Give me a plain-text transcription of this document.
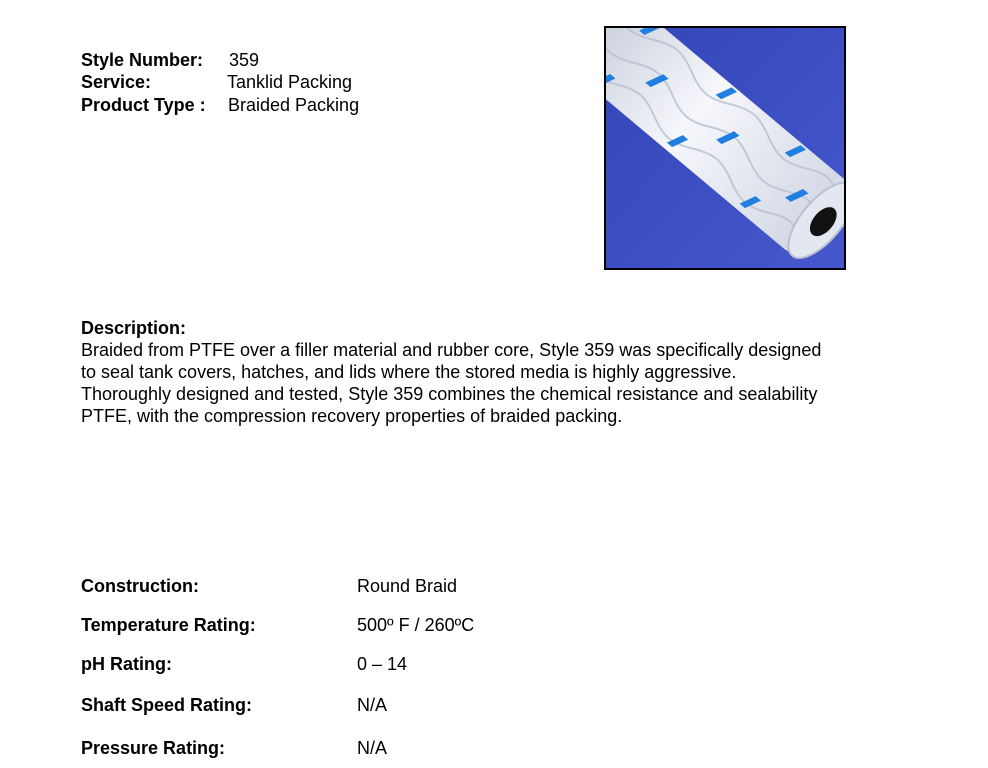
Style Number: 359
Service:	Tanklid Packing
Product Type : Braided Packing
Description:

Braided from PTFE over a filler material and rubber core, Style 359 was specifically designed
to seal tank covers, hatches, and lids where the stored media is highly aggressive.
Thoroughly designed and tested, Style 359 combines the chemical resistance and sealability
PTFE, with the compression recovery properties of braided packing.

Construction:	Round Braid
Temperature Rating:	500º F / 260ºC
pH Rating:	0 – 14
Shaft Speed Rating:	N/A
Pressure Rating:	N/A
